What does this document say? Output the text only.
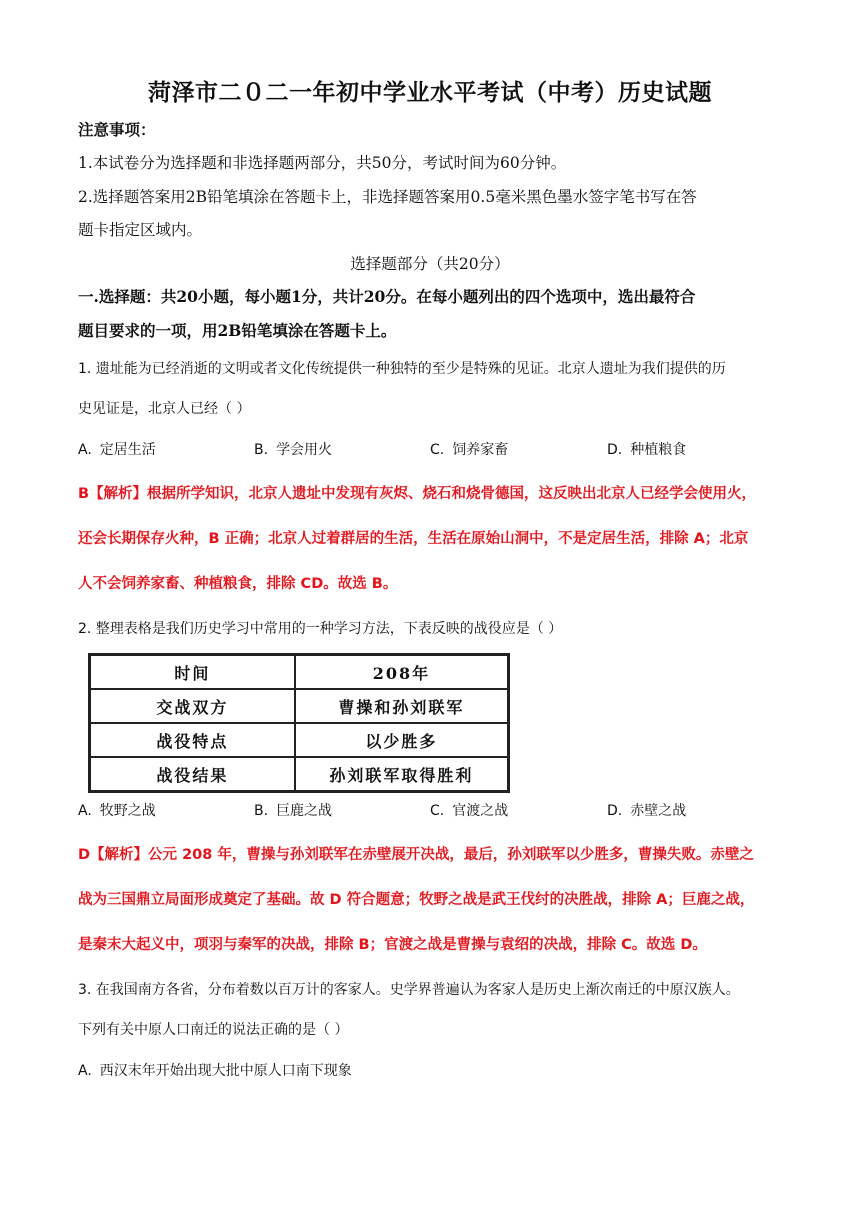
菏泽市二０二一年初中学业水平考试（中考）历史试题
注意事项：
1.本试卷分为选择题和非选择题两部分，共50分，考试时间为60分钟。
2.选择题答案用2B铅笔填涂在答题卡上，非选择题答案用0.5毫米黑色墨水签字笔书写在答
题卡指定区域内。
选择题部分（共20分）
一.选择题：共20小题，每小题1分，共计20分。在每小题列出的四个选项中，选出最符合
题目要求的一项，用2B铅笔填涂在答题卡上。
1. 遗址能为已经消逝的文明或者文化传统提供一种独特的至少是特殊的见证。北京人遗址为我们提供的历
史见证是，北京人已经（ ）
A. 定居生活	B. 学会用火	C. 饲养家畜	D. 种植粮食
B【解析】根据所学知识，北京人遗址中发现有灰烬、烧石和烧骨德国，这反映出北京人已经学会使用火，
还会长期保存火种，B 正确；北京人过着群居的生活，生活在原始山洞中，不是定居生活，排除 A；北京
人不会饲养家畜、种植粮食，排除 CD。故选 B。
2. 整理表格是我们历史学习中常用的一种学习方法，下表反映的战役应是（ ）
时间	208年
交战双方	曹操和孙刘联军
战役特点	以少胜多
战役结果	孙刘联军取得胜利
A. 牧野之战	B. 巨鹿之战	C. 官渡之战	D. 赤壁之战
D【解析】公元 208 年，曹操与孙刘联军在赤壁展开决战，最后，孙刘联军以少胜多，曹操失败。赤壁之
战为三国鼎立局面形成奠定了基础。故 D 符合题意；牧野之战是武王伐纣的决胜战，排除 A；巨鹿之战，
是秦末大起义中，项羽与秦军的决战，排除 B；官渡之战是曹操与袁绍的决战，排除 C。故选 D。
3. 在我国南方各省，分布着数以百万计的客家人。史学界普遍认为客家人是历史上渐次南迁的中原汉族人。
下列有关中原人口南迁的说法正确的是（ ）
A. 西汉末年开始出现大批中原人口南下现象
